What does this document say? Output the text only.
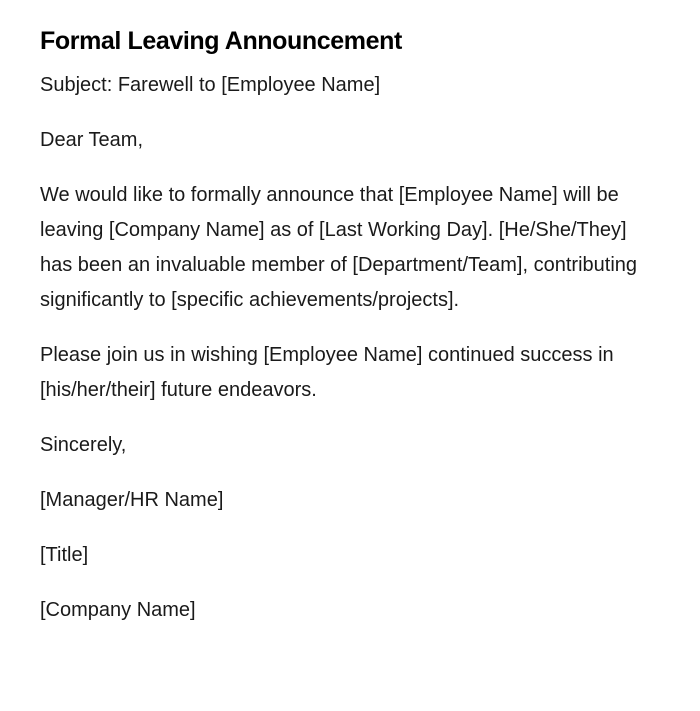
Formal Leaving Announcement

Subject: Farewell to [Employee Name]

Dear Team,

We would like to formally announce that [Employee Name] will be leaving [Company Name] as of [Last Working Day]. [He/She/They] has been an invaluable member of [Department/Team], contributing significantly to [specific achievements/projects].

Please join us in wishing [Employee Name] continued success in [his/her/their] future endeavors.

Sincerely,

[Manager/HR Name]

[Title]

[Company Name]
